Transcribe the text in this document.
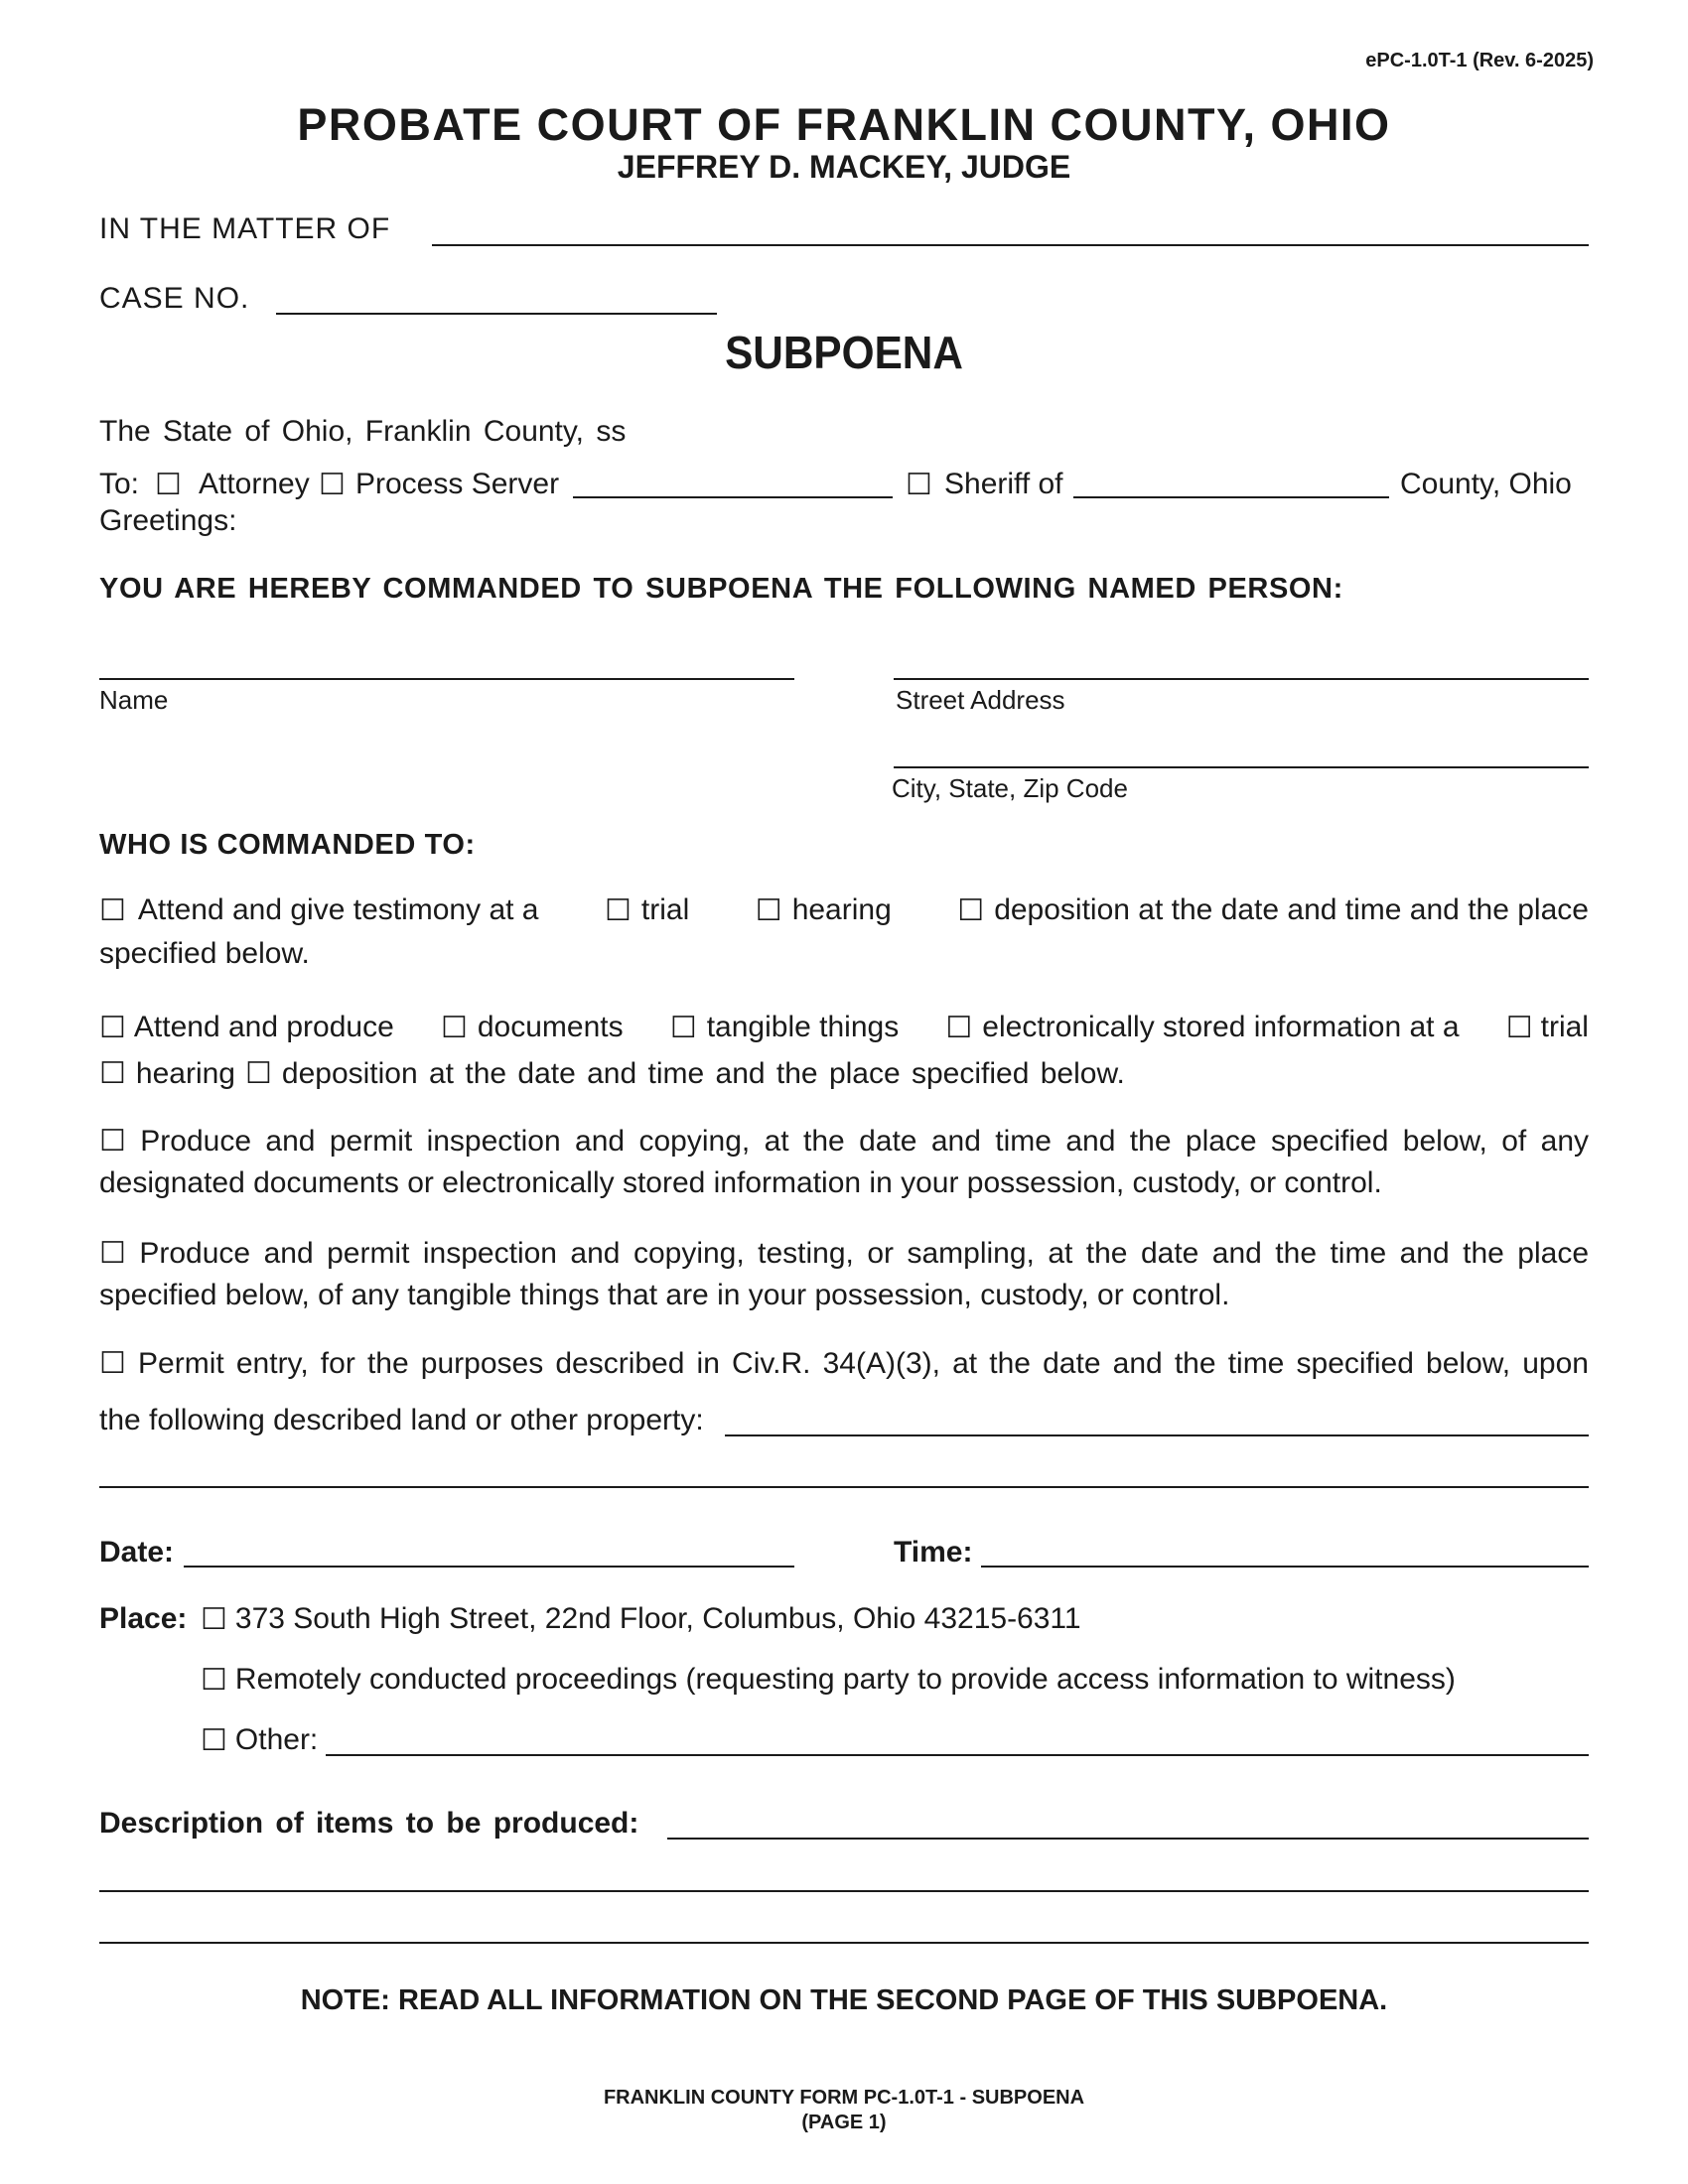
ePC-1.0T-1 (Rev. 6-2025)
PROBATE COURT OF FRANKLIN COUNTY, OHIO
JEFFREY D. MACKEY, JUDGE
IN THE MATTER OF
CASE NO.
SUBPOENA
The State of Ohio, Franklin County, ss
To: ☐ Attorney ☐ Process Server	☐ Sheriff of	County, Ohio
Greetings:
YOU ARE HEREBY COMMANDED TO SUBPOENA THE FOLLOWING NAMED PERSON:
Name	Street Address
City, State, Zip Code
WHO IS COMMANDED TO:
☐ Attend and give testimony at a ☐ trial ☐ hearing ☐ deposition at the date and time and the place
specified below.
☐ Attend and produce ☐ documents ☐ tangible things ☐ electronically stored information at a ☐ trial
☐ hearing ☐ deposition at the date and time and the place specified below.
☐ Produce and permit inspection and copying, at the date and time and the place specified below, of any
designated documents or electronically stored information in your possession, custody, or control.
☐ Produce and permit inspection and copying, testing, or sampling, at the date and the time and the place
specified below, of any tangible things that are in your possession, custody, or control.
☐ Permit entry, for the purposes described in Civ.R. 34(A)(3), at the date and the time specified below, upon
the following described land or other property:
Date:	Time:
Place: ☐ 373 South High Street, 22nd Floor, Columbus, Ohio 43215-6311
☐ Remotely conducted proceedings (requesting party to provide access information to witness)
☐ Other:
Description of items to be produced:
NOTE: READ ALL INFORMATION ON THE SECOND PAGE OF THIS SUBPOENA.
FRANKLIN COUNTY FORM PC-1.0T-1 - SUBPOENA
(PAGE 1)
